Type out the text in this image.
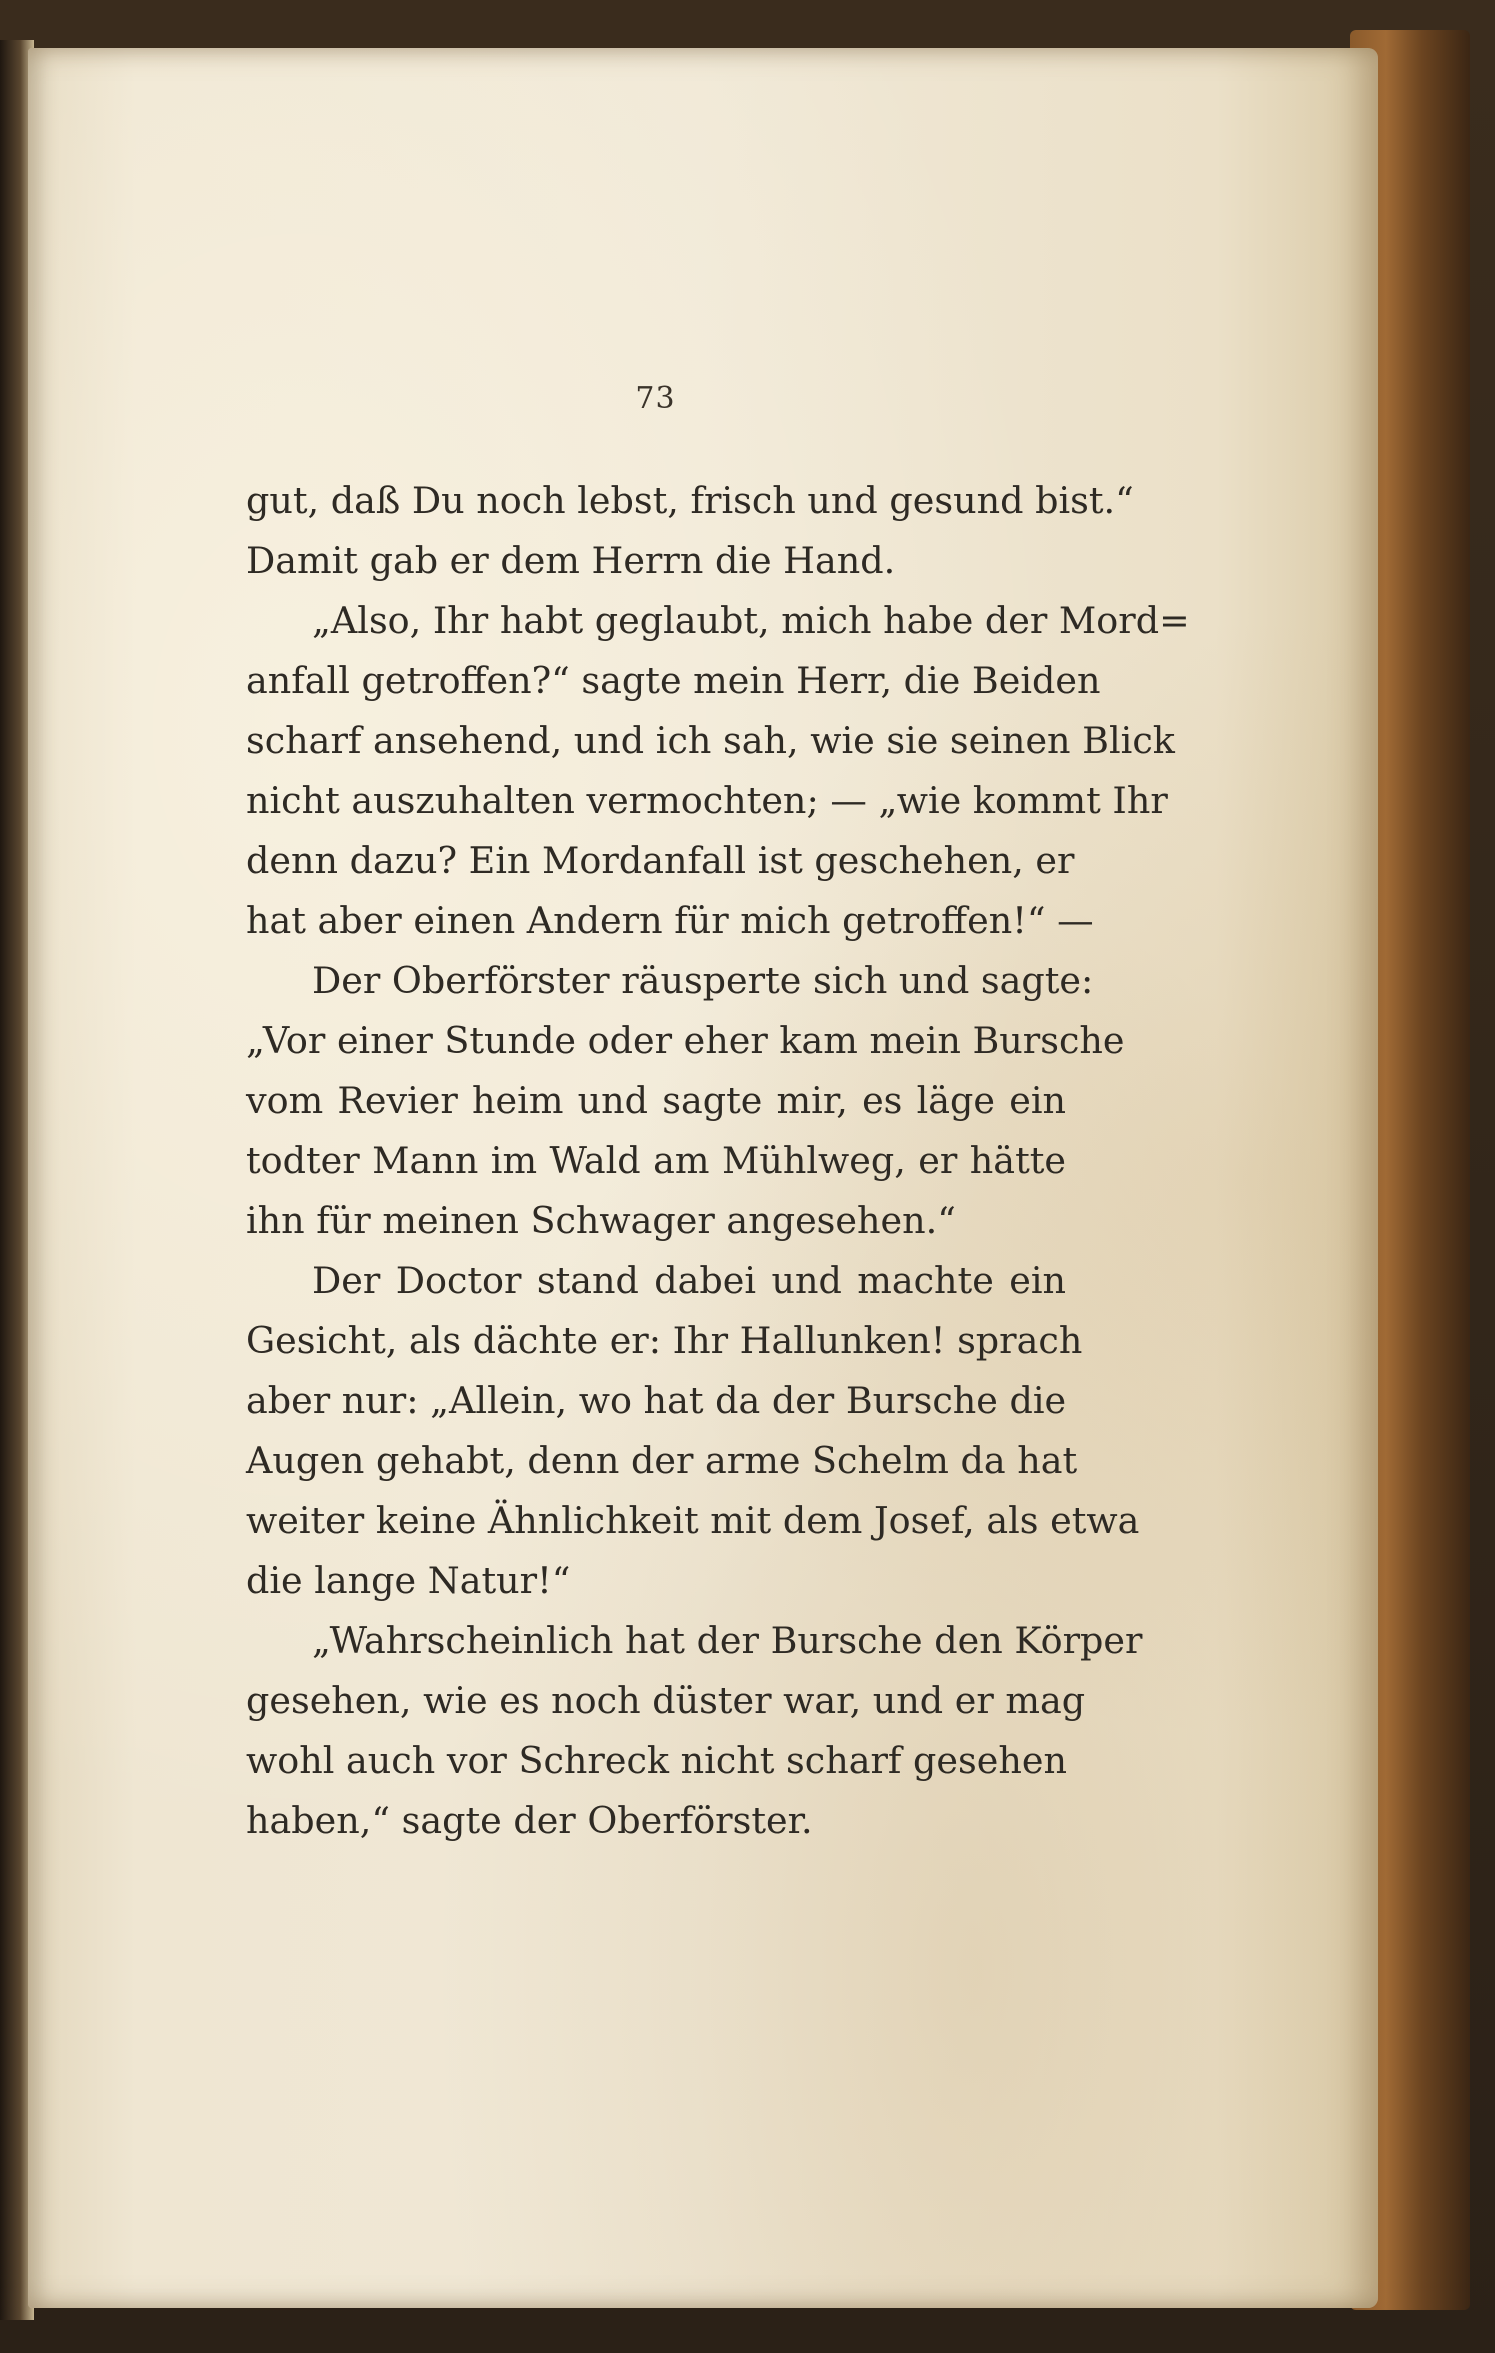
73
gut, daß Du noch lebst, frisch und gesund bist.“
Damit gab er dem Herrn die Hand.
„Also, Ihr habt geglaubt, mich habe der Mord=
anfall getroffen?“ sagte mein Herr, die Beiden
scharf ansehend, und ich sah, wie sie seinen Blick
nicht auszuhalten vermochten; — „wie kommt Ihr
denn dazu? Ein Mordanfall ist geschehen, er
hat aber einen Andern für mich getroffen!“ —
Der Oberförster räusperte sich und sagte:
„Vor einer Stunde oder eher kam mein Bursche
vom Revier heim und sagte mir, es läge ein
todter Mann im Wald am Mühlweg, er hätte
ihn für meinen Schwager angesehen.“
Der Doctor stand dabei und machte ein
Gesicht, als dächte er: Ihr Hallunken! sprach
aber nur: „Allein, wo hat da der Bursche die
Augen gehabt, denn der arme Schelm da hat
weiter keine Ähnlichkeit mit dem Josef, als etwa
die lange Natur!“
„Wahrscheinlich hat der Bursche den Körper
gesehen, wie es noch düster war, und er mag
wohl auch vor Schreck nicht scharf gesehen
haben,“ sagte der Oberförster.
